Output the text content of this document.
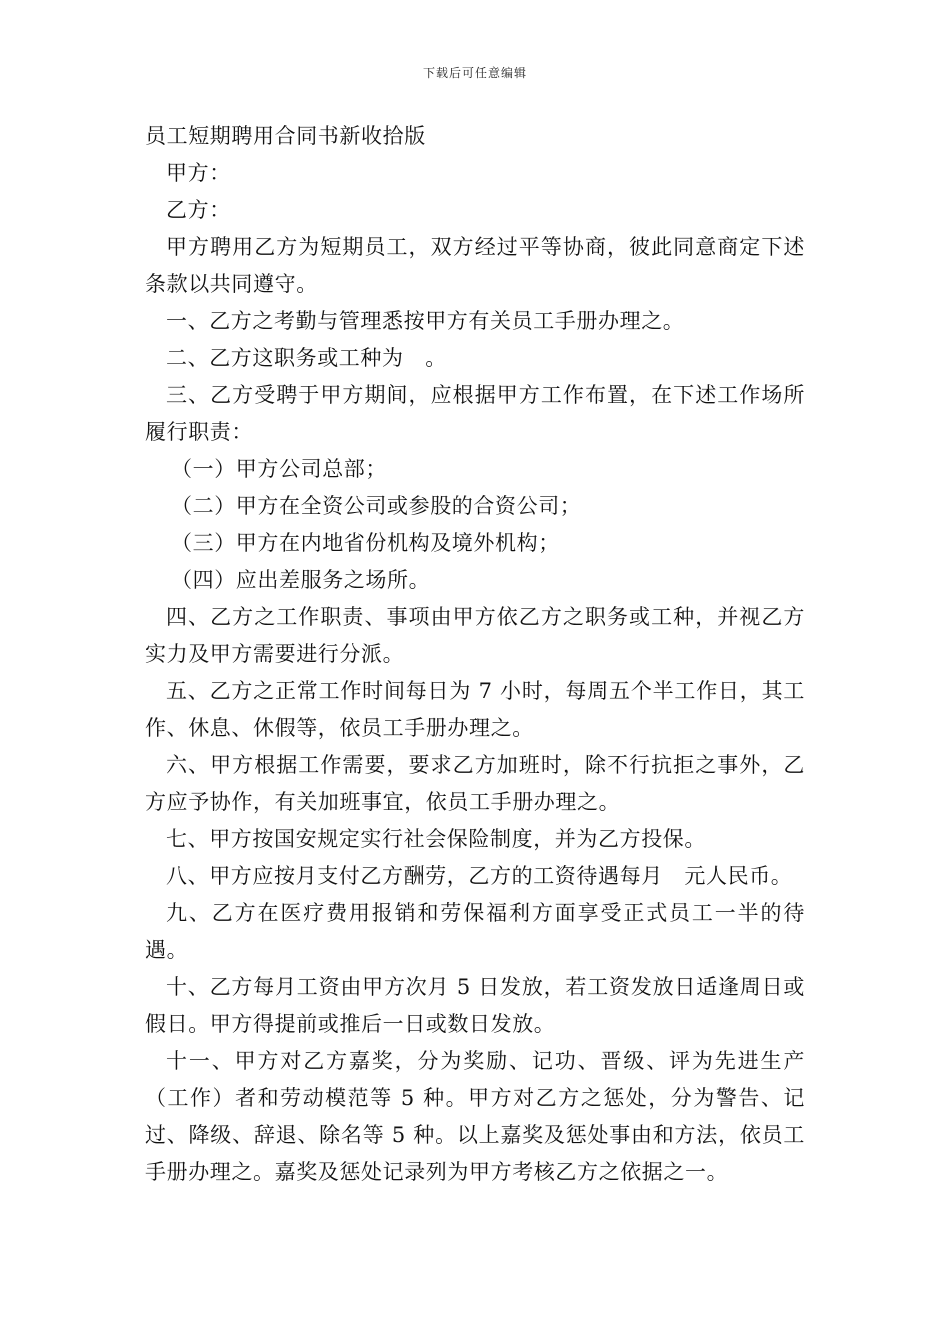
下载后可任意编辑

员工短期聘用合同书新收拾版

甲方：

乙方：

甲方聘用乙方为短期员工，双方经过平等协商，彼此同意商定下述条款以共同遵守。

一、乙方之考勤与管理悉按甲方有关员工手册办理之。

二、乙方这职务或工种为　。

三、乙方受聘于甲方期间，应根据甲方工作布置，在下述工作场所履行职责：

（一）甲方公司总部；

（二）甲方在全资公司或参股的合资公司；

（三）甲方在内地省份机构及境外机构；

（四）应出差服务之场所。

四、乙方之工作职责、事项由甲方依乙方之职务或工种，并视乙方实力及甲方需要进行分派。

五、乙方之正常工作时间每日为 7 小时，每周五个半工作日，其工作、休息、休假等，依员工手册办理之。

六、甲方根据工作需要，要求乙方加班时，除不行抗拒之事外，乙方应予协作，有关加班事宜，依员工手册办理之。

七、甲方按国安规定实行社会保险制度，并为乙方投保。

八、甲方应按月支付乙方酬劳，乙方的工资待遇每月　元人民币。

九、乙方在医疗费用报销和劳保福利方面享受正式员工一半的待遇。

十、乙方每月工资由甲方次月 5 日发放，若工资发放日适逢周日或假日。甲方得提前或推后一日或数日发放。

十一、甲方对乙方嘉奖，分为奖励、记功、晋级、评为先进生产（工作）者和劳动模范等 5 种。甲方对乙方之惩处，分为警告、记过、降级、辞退、除名等 5 种。以上嘉奖及惩处事由和方法，依员工手册办理之。嘉奖及惩处记录列为甲方考核乙方之依据之一。
